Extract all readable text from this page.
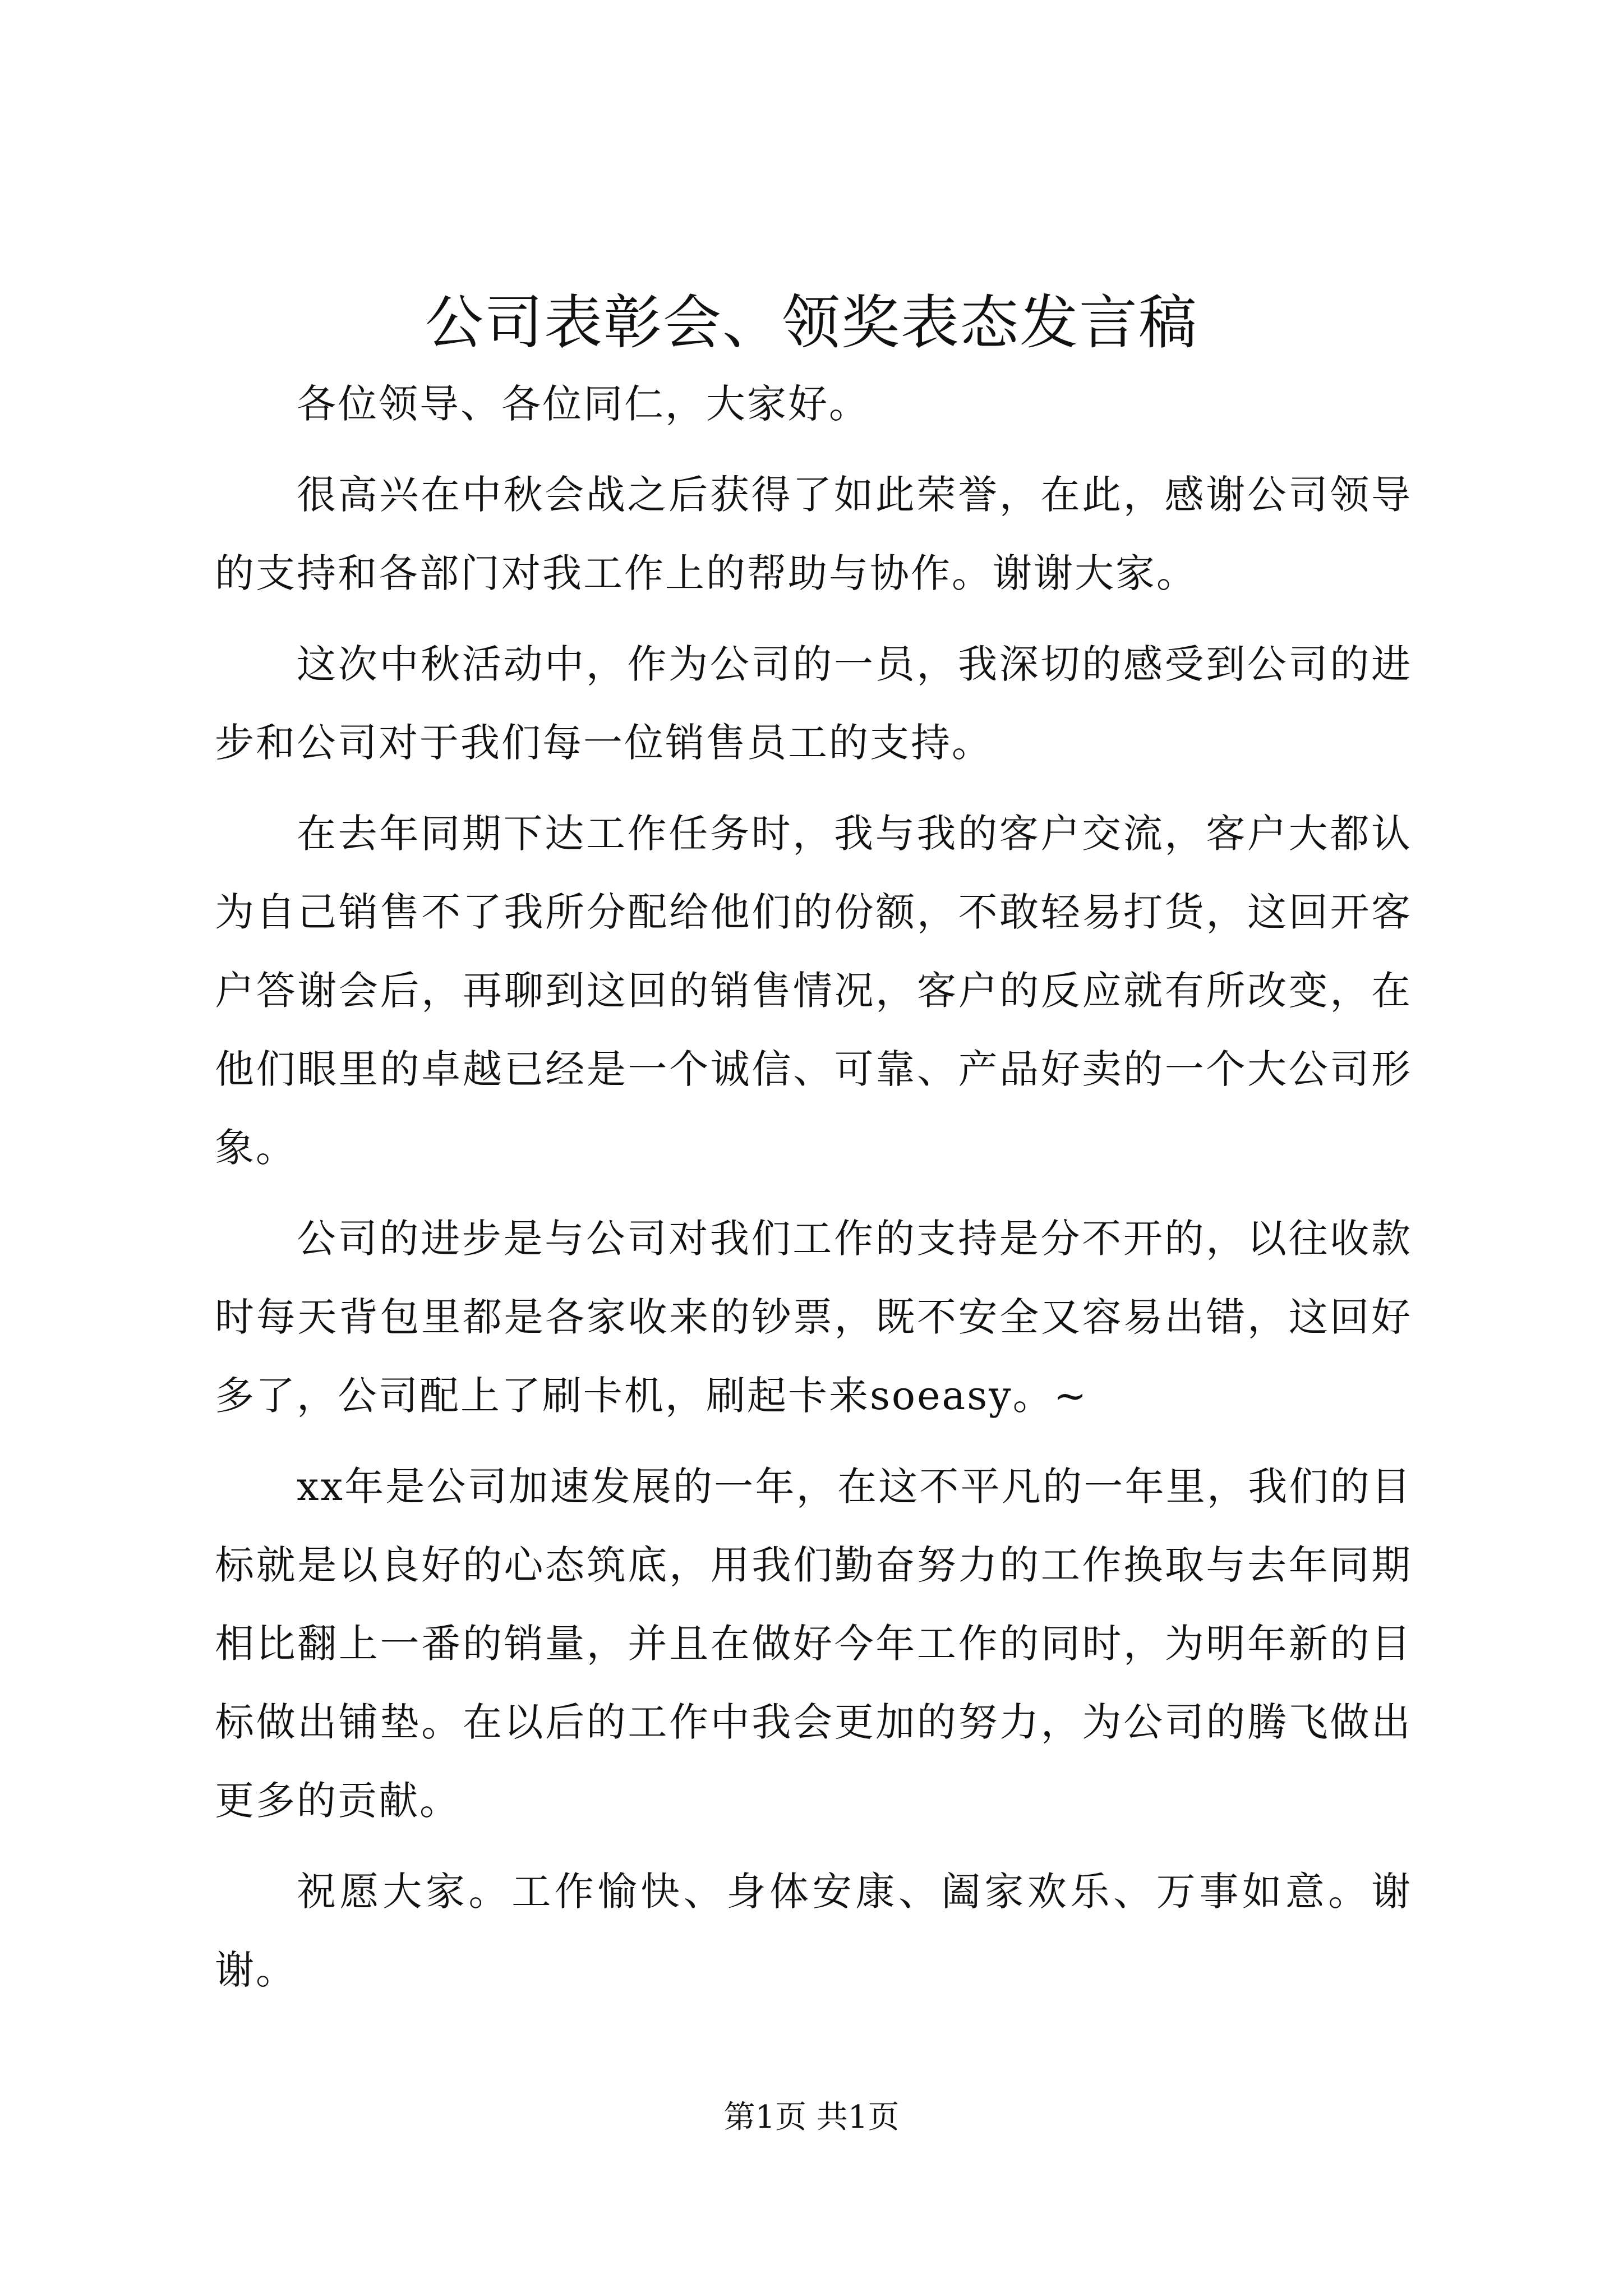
公司表彰会、领奖表态发言稿

各位领导、各位同仁，大家好。

很高兴在中秋会战之后获得了如此荣誉，在此，感谢公司领导的支持和各部门对我工作上的帮助与协作。谢谢大家。

这次中秋活动中，作为公司的一员，我深切的感受到公司的进步和公司对于我们每一位销售员工的支持。

在去年同期下达工作任务时，我与我的客户交流，客户大都认为自己销售不了我所分配给他们的份额，不敢轻易打货，这回开客户答谢会后，再聊到这回的销售情况，客户的反应就有所改变，在他们眼里的卓越已经是一个诚信、可靠、产品好卖的一个大公司形象。

公司的进步是与公司对我们工作的支持是分不开的，以往收款时每天背包里都是各家收来的钞票，既不安全又容易出错，这回好多了，公司配上了刷卡机，刷起卡来soeasy。~

xx年是公司加速发展的一年，在这不平凡的一年里，我们的目标就是以良好的心态筑底，用我们勤奋努力的工作换取与去年同期相比翻上一番的销量，并且在做好今年工作的同时，为明年新的目标做出铺垫。在以后的工作中我会更加的努力，为公司的腾飞做出更多的贡献。

祝愿大家。工作愉快、身体安康、阖家欢乐、万事如意。谢谢。

第1页 共1页
